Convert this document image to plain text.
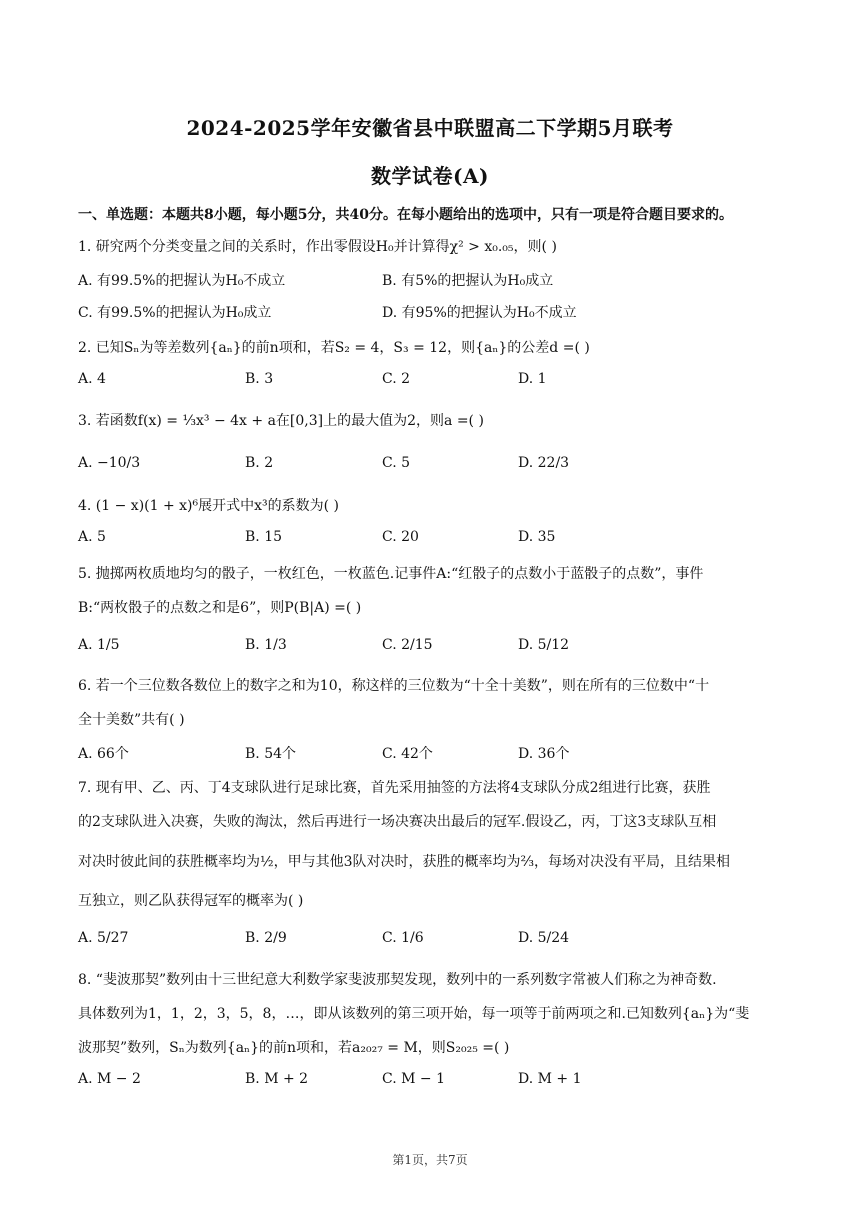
2024-2025学年安徽省县中联盟高二下学期5月联考
数学试卷(A)
一、单选题：本题共8小题，每小题5分，共40分。在每小题给出的选项中，只有一项是符合题目要求的。
1. 研究两个分类变量之间的关系时，作出零假设H₀并计算得χ² > x₀.₀₅，则( )
A. 有99.5%的把握认为H₀不成立	B. 有5%的把握认为H₀成立
C. 有99.5%的把握认为H₀成立	D. 有95%的把握认为H₀不成立
2. 已知Sₙ为等差数列{aₙ}的前n项和，若S₂ = 4，S₃ = 12，则{aₙ}的公差d =( )
A. 4	B. 3	C. 2	D. 1
3. 若函数f(x) = ⅓x³ − 4x + a在[0,3]上的最大值为2，则a =( )
A. −10/3	B. 2	C. 5	D. 22/3
4. (1 − x)(1 + x)⁶展开式中x³的系数为( )
A. 5	B. 15	C. 20	D. 35
5. 抛掷两枚质地均匀的骰子，一枚红色，一枚蓝色.记事件A:“红骰子的点数小于蓝骰子的点数”，事件
B:“两枚骰子的点数之和是6”，则P(B|A) =( )
A. 1/5	B. 1/3	C. 2/15	D. 5/12
6. 若一个三位数各数位上的数字之和为10，称这样的三位数为“十全十美数”，则在所有的三位数中“十
全十美数”共有( )
A. 66个	B. 54个	C. 42个	D. 36个
7. 现有甲、乙、丙、丁4支球队进行足球比赛，首先采用抽签的方法将4支球队分成2组进行比赛，获胜
的2支球队进入决赛，失败的淘汰，然后再进行一场决赛决出最后的冠军.假设乙，丙，丁这3支球队互相
对决时彼此间的获胜概率均为½，甲与其他3队对决时，获胜的概率均为⅔，每场对决没有平局，且结果相
互独立，则乙队获得冠军的概率为( )
A. 5/27	B. 2/9	C. 1/6	D. 5/24
8. “斐波那契”数列由十三世纪意大利数学家斐波那契发现，数列中的一系列数字常被人们称之为神奇数.
具体数列为1，1，2，3，5，8，…，即从该数列的第三项开始，每一项等于前两项之和.已知数列{aₙ}为“斐
波那契”数列，Sₙ为数列{aₙ}的前n项和，若a₂₀₂₇ = M，则S₂₀₂₅ =( )
A. M − 2	B. M + 2	C. M − 1	D. M + 1
第1页，共7页
